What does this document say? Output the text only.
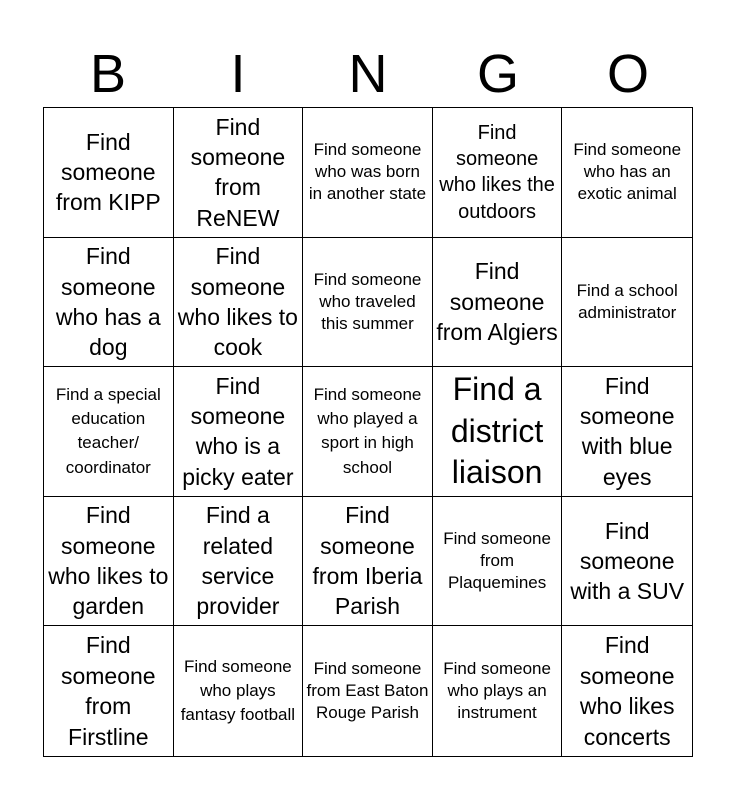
B	I	N	G	O
Find someone from KIPP
Find someone from ReNEW
Find someone who was born in another state
Find someone who likes the outdoors
Find someone who has an exotic animal
Find someone who has a dog
Find someone who likes to cook
Find someone who traveled this summer
Find someone from Algiers
Find a school administrator
Find a special education teacher/ coordinator
Find someone who is a picky eater
Find someone who played a sport in high school
Find a district liaison
Find someone with blue eyes
Find someone who likes to garden
Find a related service provider
Find someone from Iberia Parish
Find someone from Plaquemines
Find someone with a SUV
Find someone from Firstline
Find someone who plays fantasy football
Find someone from East Baton Rouge Parish
Find someone who plays an instrument
Find someone who likes concerts
